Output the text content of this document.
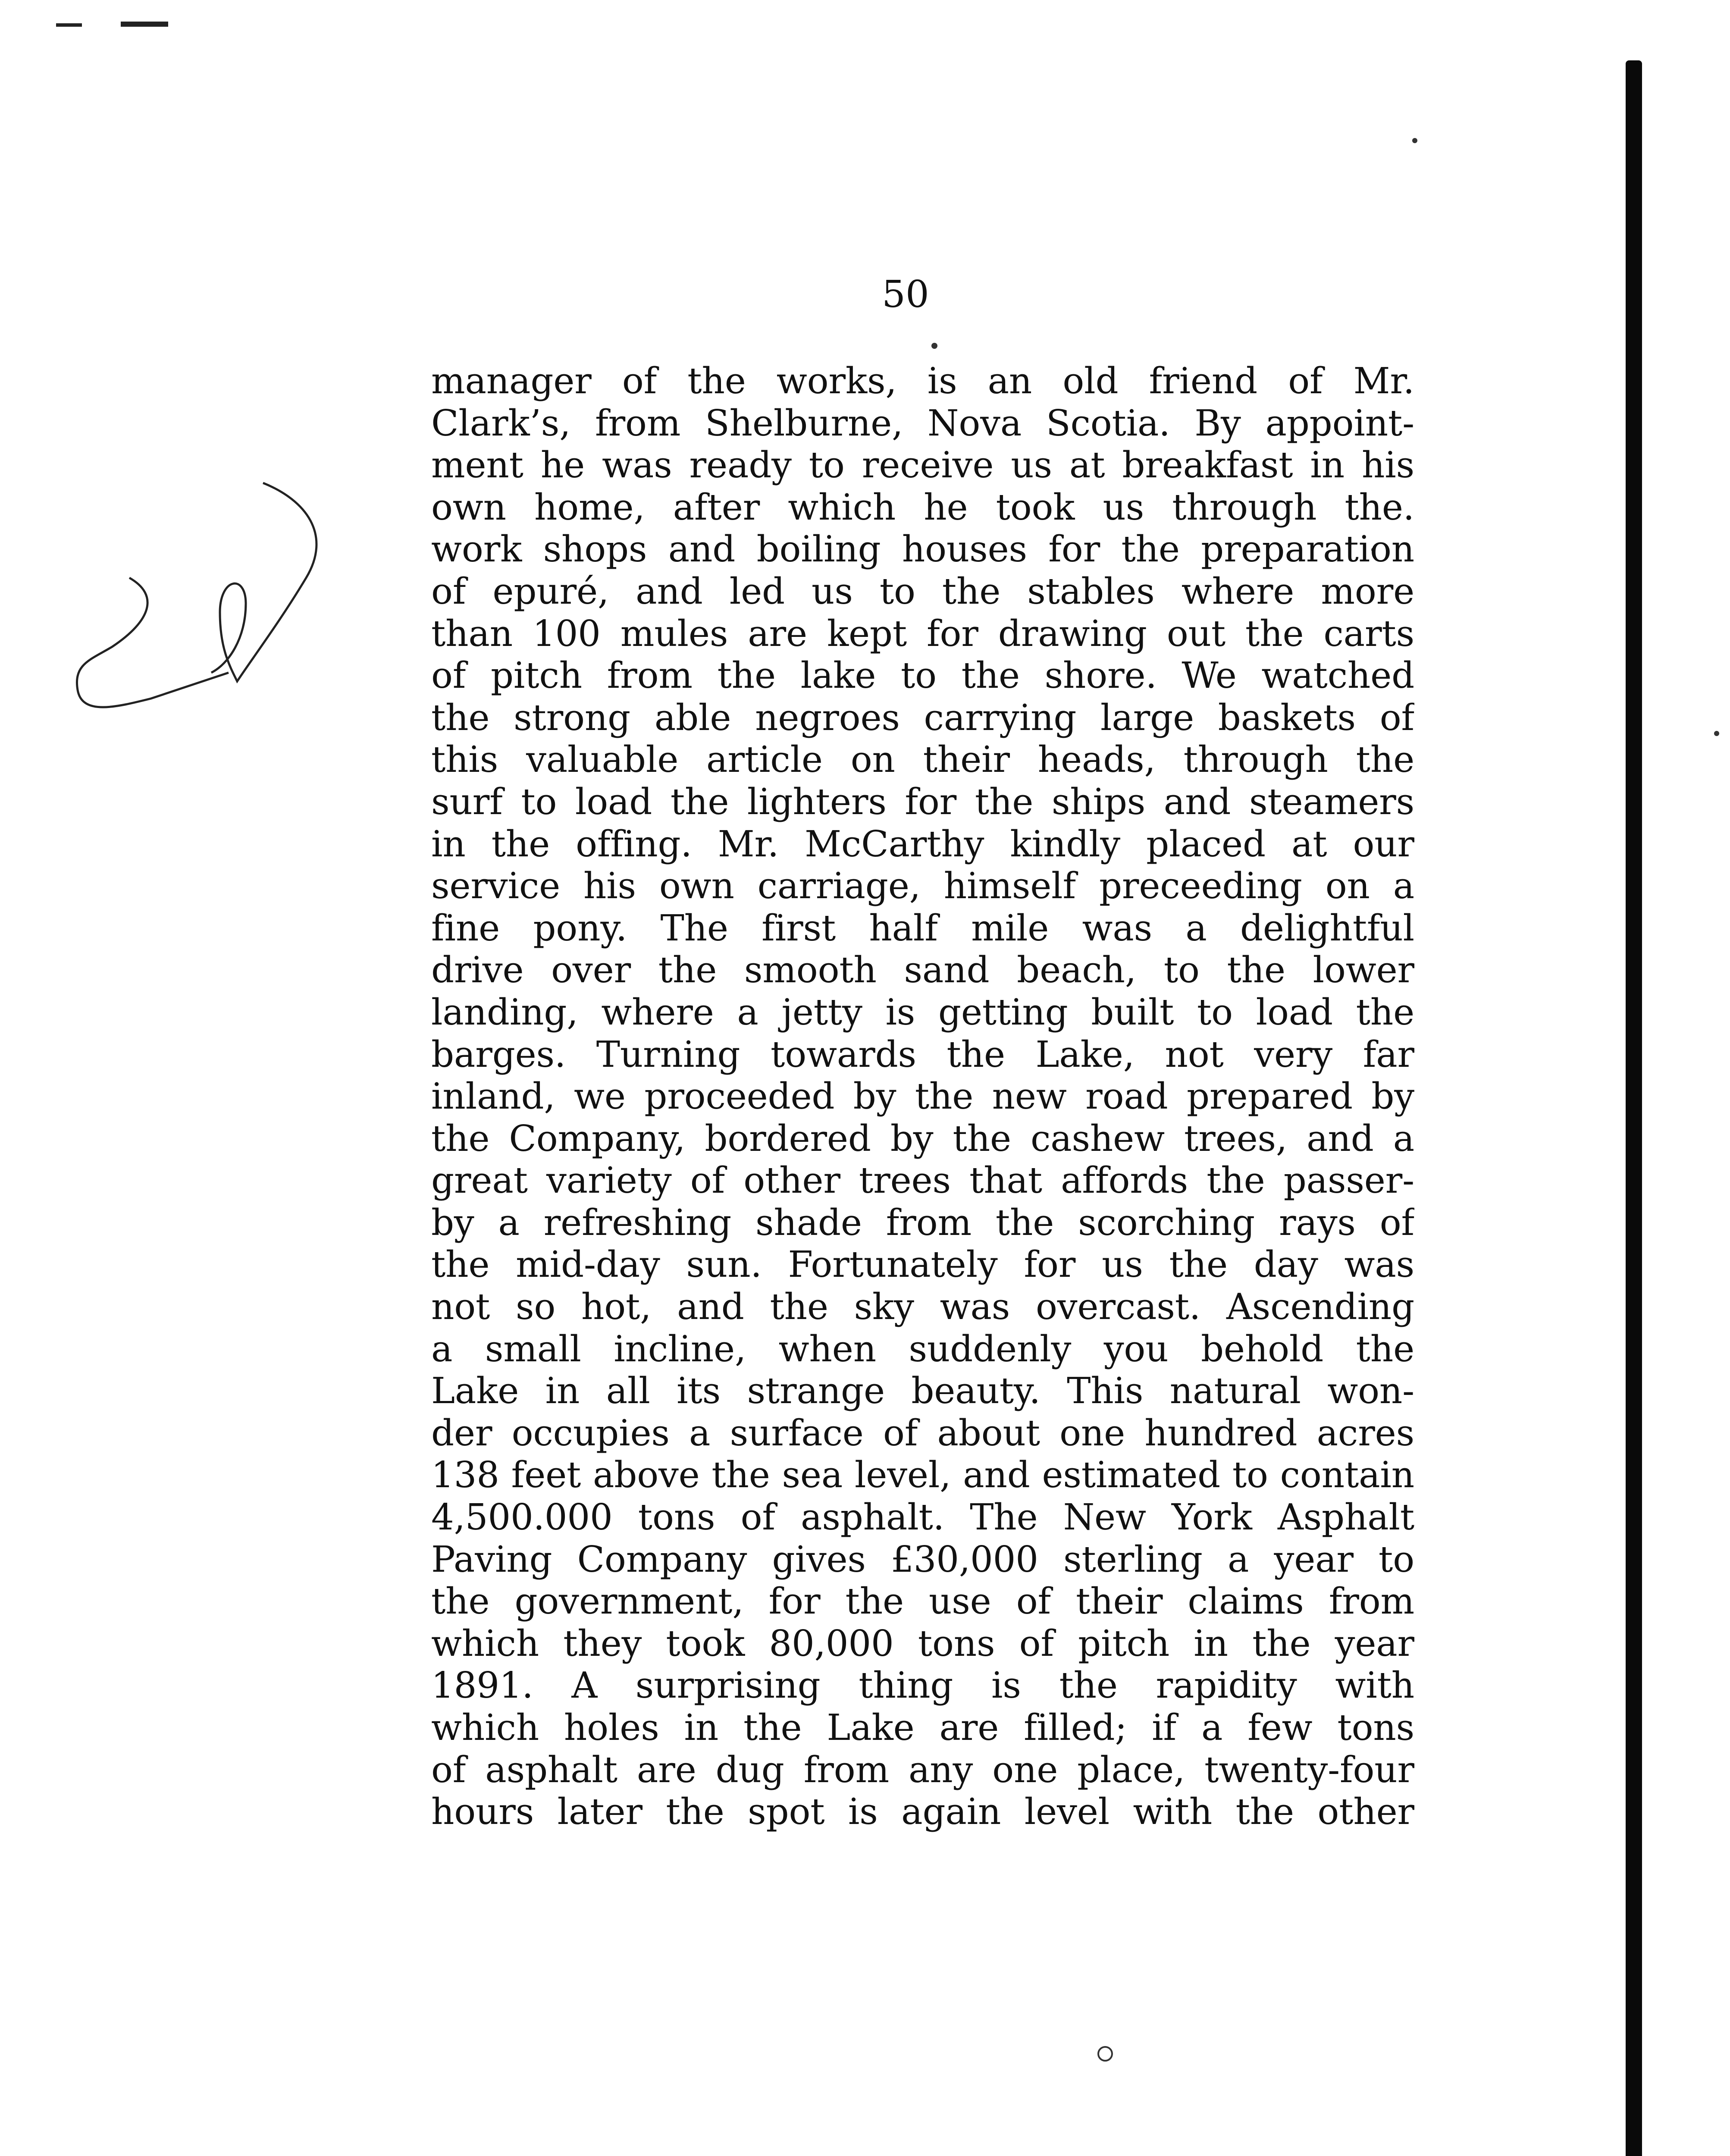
50
manager of the works, is an old friend of Mr.
Clark’s, from Shelburne, Nova Scotia. By appoint-
ment he was ready to receive us at breakfast in his
own home, after which he took us through the.
work shops and boiling houses for the preparation
of epuré, and led us to the stables where more
than 100 mules are kept for drawing out the carts
of pitch from the lake to the shore. We watched
the strong able negroes carrying large baskets of
this valuable article on their heads, through the
surf to load the lighters for the ships and steamers
in the offing. Mr. McCarthy kindly placed at our
service his own carriage, himself preceeding on a
fine pony. The first half mile was a delightful
drive over the smooth sand beach, to the lower
landing, where a jetty is getting built to load the
barges. Turning towards the Lake, not very far
inland, we proceeded by the new road prepared by
the Company, bordered by the cashew trees, and a
great variety of other trees that affords the passer-
by a refreshing shade from the scorching rays of
the mid-day sun. Fortunately for us the day was
not so hot, and the sky was overcast. Ascending
a small incline, when suddenly you behold the
Lake in all its strange beauty. This natural won-
der occupies a surface of about one hundred acres
138 feet above the sea level, and estimated to contain
4,500.000 tons of asphalt. The New York Asphalt
Paving Company gives £30,000 sterling a year to
the government, for the use of their claims from
which they took 80,000 tons of pitch in the year
1891. A surprising thing is the rapidity with
which holes in the Lake are filled; if a few tons
of asphalt are dug from any one place, twenty-four
hours later the spot is again level with the other
